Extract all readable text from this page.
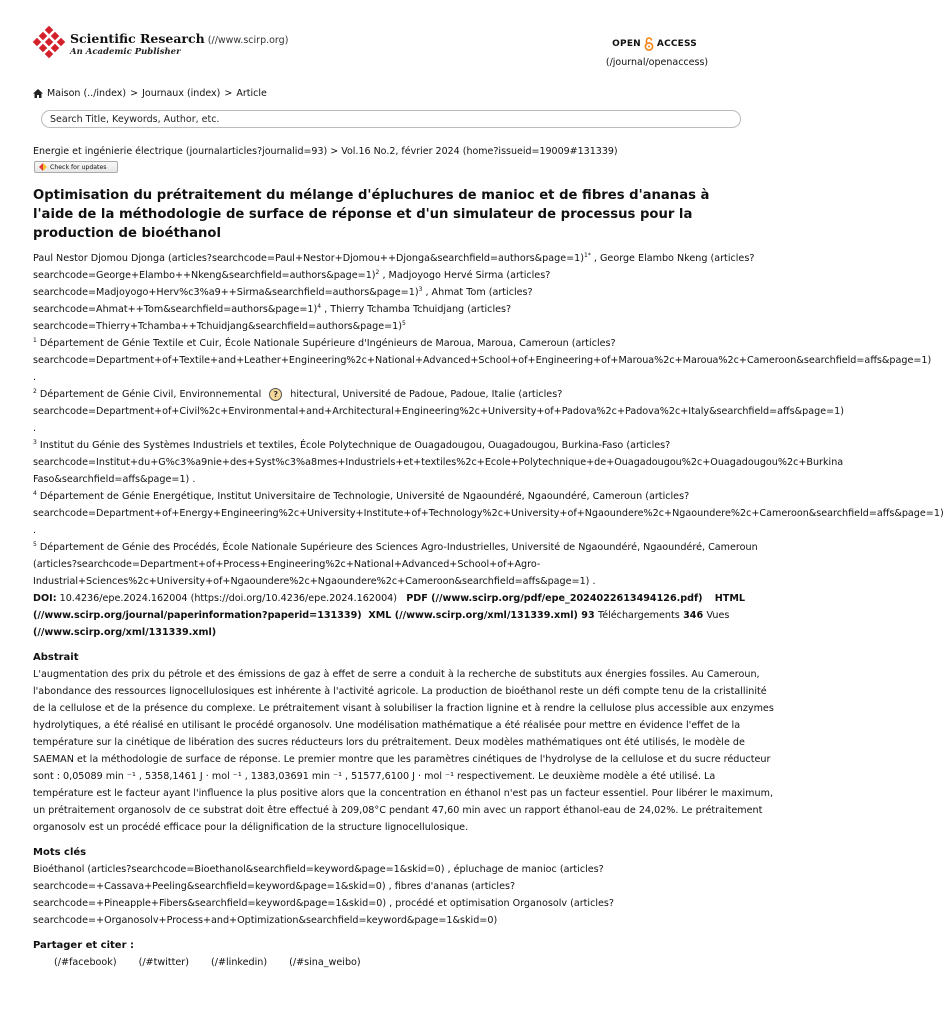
Scientific Research (//www.scirp.org)
An Academic Publisher
OPEN ACCESS
(/journal/openaccess)
Maison (../index) > Journaux (index) > Article
Search Title, Keywords, Author, etc.
Energie et ingénierie électrique (journalarticles?journalid=93) > Vol.16 No.2, février 2024 (home?issueid=19009#131339)
Check for updates
Optimisation du prétraitement du mélange d'épluchures de manioc et de fibres d'ananas à l'aide de la méthodologie de surface de réponse et d'un simulateur de processus pour la production de bioéthanol
Paul Nestor Djomou Djonga (articles?searchcode=Paul+Nestor+Djomou++Djonga&searchfield=authors&page=1)$^{1*}$ , George Elambo Nkeng (articles?
searchcode=George+Elambo++Nkeng&searchfield=authors&page=1)$^2$ , Madjoyogo Hervé Sirma (articles?
searchcode=Madjoyogo+Herv%c3%a9++Sirma&searchfield=authors&page=1)$^3$ , Ahmat Tom (articles?
searchcode=Ahmat++Tom&searchfield=authors&page=1)$^4$ , Thierry Tchamba Tchuidjang (articles?
searchcode=Thierry+Tchamba++Tchuidjang&searchfield=authors&page=1)$^5$
$^1$ Département de Génie Textile et Cuir, École Nationale Supérieure d'Ingénieurs de Maroua, Maroua, Cameroun (articles?
searchcode=Department+of+Textile+and+Leather+Engineering%2c+National+Advanced+School+of+Engineering+of+Maroua%2c+Maroua%2c+Cameroon&searchfield=affs&page=1)
.
$^2$ Département de Génie Civil, Environnemental ? hitectural, Université de Padoue, Padoue, Italie (articles?
searchcode=Department+of+Civil%2c+Environmental+and+Architectural+Engineering%2c+University+of+Padova%2c+Padova%2c+Italy&searchfield=affs&page=1)
.
$^3$ Institut du Génie des Systèmes Industriels et textiles, École Polytechnique de Ouagadougou, Ouagadougou, Burkina-Faso (articles?
searchcode=Institut+du+G%c3%a9nie+des+Syst%c3%a8mes+Industriels+et+textiles%2c+Ecole+Polytechnique+de+Ouagadougou%2c+Ouagadougou%2c+Burkina
Faso&searchfield=affs&page=1) .
$^4$ Département de Génie Energétique, Institut Universitaire de Technologie, Université de Ngaoundéré, Ngaoundéré, Cameroun (articles?
searchcode=Department+of+Energy+Engineering%2c+University+Institute+of+Technology%2c+University+of+Ngaoundere%2c+Ngaoundere%2c+Cameroon&searchfield=affs&page=1)
.
$^5$ Département de Génie des Procédés, École Nationale Supérieure des Sciences Agro-Industrielles, Université de Ngaoundéré, Ngaoundéré, Cameroun
(articles?searchcode=Department+of+Process+Engineering%2c+National+Advanced+School+of+Agro-
Industrial+Sciences%2c+University+of+Ngaoundere%2c+Ngaoundere%2c+Cameroon&searchfield=affs&page=1) .
DOI: 10.4236/epe.2024.162004 (https://doi.org/10.4236/epe.2024.162004) PDF (//www.scirp.org/pdf/epe_2024022613494126.pdf) HTML
(//www.scirp.org/journal/paperinformation?paperid=131339) XML (//www.scirp.org/xml/131339.xml) 93 Téléchargements 346 Vues
(//www.scirp.org/xml/131339.xml)
Abstrait
L'augmentation des prix du pétrole et des émissions de gaz à effet de serre a conduit à la recherche de substituts aux énergies fossiles. Au Cameroun,
l'abondance des ressources lignocellulosiques est inhérente à l'activité agricole. La production de bioéthanol reste un défi compte tenu de la cristallinité
de la cellulose et de la présence du complexe. Le prétraitement visant à solubiliser la fraction lignine et à rendre la cellulose plus accessible aux enzymes
hydrolytiques, a été réalisé en utilisant le procédé organosolv. Une modélisation mathématique a été réalisée pour mettre en évidence l'effet de la
température sur la cinétique de libération des sucres réducteurs lors du prétraitement. Deux modèles mathématiques ont été utilisés, le modèle de
SAEMAN et la méthodologie de surface de réponse. Le premier montre que les paramètres cinétiques de l'hydrolyse de la cellulose et du sucre réducteur
sont : 0,05089 min ⁻¹ , 5358,1461 J · mol ⁻¹ , 1383,03691 min ⁻¹ , 51577,6100 J · mol ⁻¹ respectivement. Le deuxième modèle a été utilisé. La
température est le facteur ayant l'influence la plus positive alors que la concentration en éthanol n'est pas un facteur essentiel. Pour libérer le maximum,
un prétraitement organosolv de ce substrat doit être effectué à 209,08°C pendant 47,60 min avec un rapport éthanol-eau de 24,02%. Le prétraitement
organosolv est un procédé efficace pour la délignification de la structure lignocellulosique.
Mots clés
Bioéthanol (articles?searchcode=Bioethanol&searchfield=keyword&page=1&skid=0) , épluchage de manioc (articles?
searchcode=+Cassava+Peeling&searchfield=keyword&page=1&skid=0) , fibres d'ananas (articles?
searchcode=+Pineapple+Fibers&searchfield=keyword&page=1&skid=0) , procédé et optimisation Organosolv (articles?
searchcode=+Organosolv+Process+and+Optimization&searchfield=keyword&page=1&skid=0)
Partager et citer :
(/#facebook) (/#twitter) (/#linkedin) (/#sina_weibo)
